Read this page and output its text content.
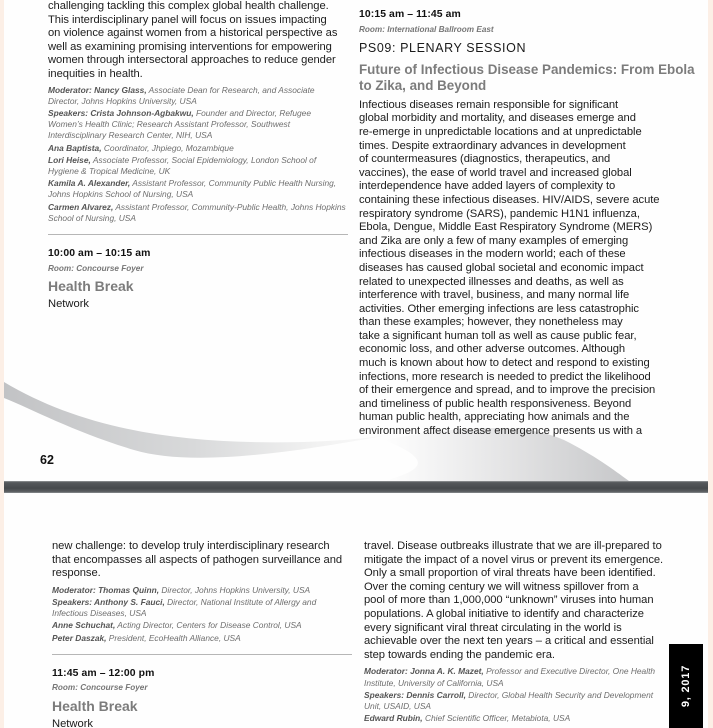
challenging tackling this complex global health challenge.
This interdisciplinary panel will focus on issues impacting
on violence against women from a historical perspective as
well as examining promising interventions for empowering
women through intersectoral approaches to reduce gender
inequities in health.

Moderator: Nancy Glass, Associate Dean for Research, and Associate Director, Johns Hopkins University, USA

Speakers: Crista Johnson-Agbakwu, Founder and Director, Refugee Women’s Health Clinic; Research Assistant Professor, Southwest Interdisciplinary Research Center, NIH, USA

Ana Baptista, Coordinator, Jhpiego, Mozambique

Lori Heise, Associate Professor, Social Epidemiology, London School of Hygiene & Tropical Medicine, UK

Kamila A. Alexander, Assistant Professor, Community Public Health Nursing, Johns Hopkins School of Nursing, USA

Carmen Alvarez, Assistant Professor, Community-Public Health, Johns Hopkins School of Nursing, USA

10:00 am – 10:15 am
Room: Concourse Foyer
Health Break
Network
10:15 am – 11:45 am
Room: International Ballroom East
PS09: PLENARY SESSION
Future of Infectious Disease Pandemics: From Ebola
to Zika, and Beyond
Infectious diseases remain responsible for significant
global morbidity and mortality, and diseases emerge and
re-emerge in unpredictable locations and at unpredictable
times. Despite extraordinary advances in development
of countermeasures (diagnostics, therapeutics, and
vaccines), the ease of world travel and increased global
interdependence have added layers of complexity to
containing these infectious diseases. HIV/AIDS, severe acute
respiratory syndrome (SARS), pandemic H1N1 influenza,
Ebola, Dengue, Middle East Respiratory Syndrome (MERS)
and Zika are only a few of many examples of emerging
infectious diseases in the modern world; each of these
diseases has caused global societal and economic impact
related to unexpected illnesses and deaths, as well as
interference with travel, business, and many normal life
activities. Other emerging infections are less catastrophic
than these examples; however, they nonetheless may
take a significant human toll as well as cause public fear,
economic loss, and other adverse outcomes. Although
much is known about how to detect and respond to existing
infections, more research is needed to predict the likelihood
of their emergence and spread, and to improve the precision
and timeliness of public health responsiveness. Beyond
human public health, appreciating how animals and the
environment affect disease emergence presents us with a
62
new challenge: to develop truly interdisciplinary research
that encompasses all aspects of pathogen surveillance and
response.

Moderator: Thomas Quinn, Director, Johns Hopkins University, USA

Speakers: Anthony S. Fauci, Director, National Institute of Allergy and Infectious Diseases, USA

Anne Schuchat, Acting Director, Centers for Disease Control, USA

Peter Daszak, President, EcoHealth Alliance, USA

11:45 am – 12:00 pm
Room: Concourse Foyer
Health Break
Network
travel. Disease outbreaks illustrate that we are ill-prepared to
mitigate the impact of a novel virus or prevent its emergence.
Only a small proportion of viral threats have been identified.
Over the coming century we will witness spillover from a
pool of more than 1,000,000 “unknown” viruses into human
populations. A global initiative to identify and characterize
every significant viral threat circulating in the world is
achievable over the next ten years – a critical and essential
step towards ending the pandemic era.

Moderator: Jonna A. K. Mazet, Professor and Executive Director, One Health Institute, University of California, USA

Speakers: Dennis Carroll, Director, Global Health Security and Development Unit, USAID, USA

Edward Rubin, Chief Scientific Officer, Metabiota, USA

9, 2017
